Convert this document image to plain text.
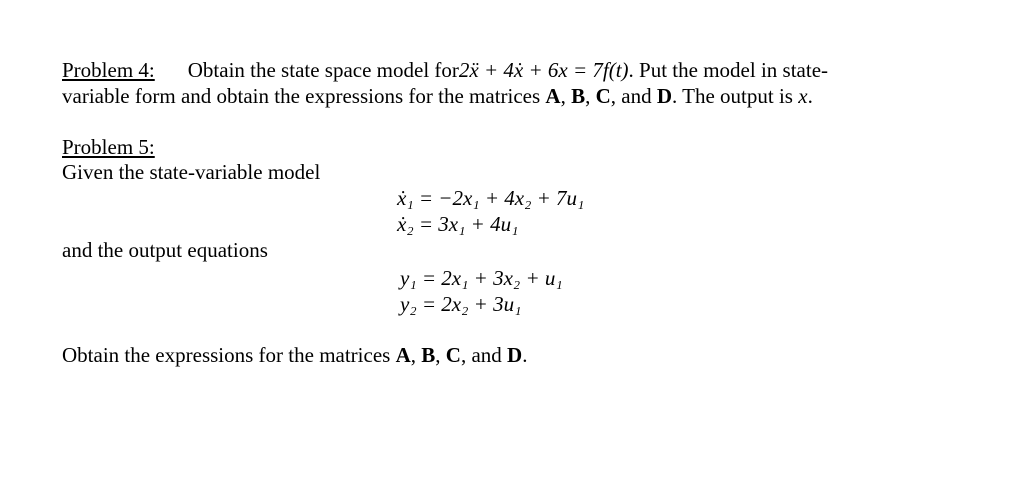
Problem 4: Obtain the state space model for2ẍ + 4ẋ + 6x = 7f(t). Put the model in state-
variable form and obtain the expressions for the matrices A, B, C, and D. The output is x.
Problem 5:
Given the state-variable model
ẋ₁ = −2x₁ + 4x₂ + 7u₁
ẋ₂ = 3x₁ + 4u₁
and the output equations
y₁ = 2x₁ + 3x₂ + u₁
y₂ = 2x₂ + 3u₁
Obtain the expressions for the matrices A, B, C, and D.
